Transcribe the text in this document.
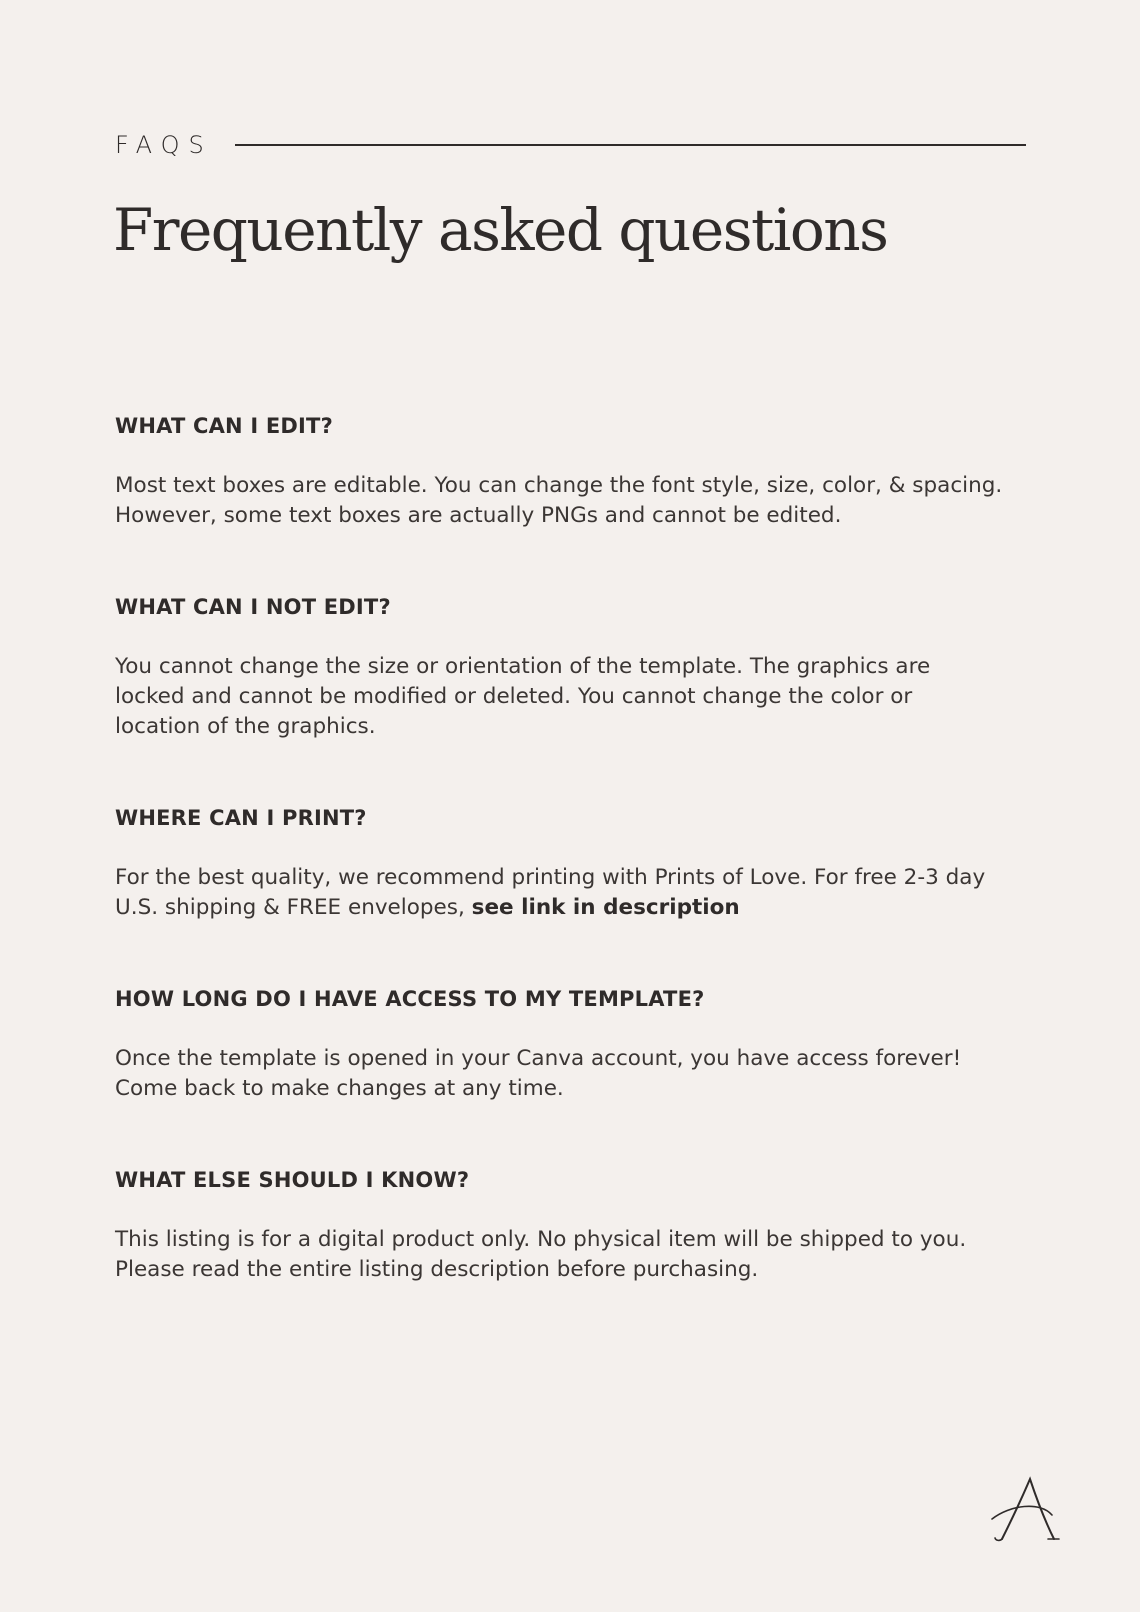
FAQS
Frequently asked questions
WHAT CAN I EDIT?

Most text boxes are editable. You can change the font style, size, color, & spacing.
However, some text boxes are actually PNGs and cannot be edited.

WHAT CAN I NOT EDIT?

You cannot change the size or orientation of the template. The graphics are
locked and cannot be modified or deleted. You cannot change the color or
location of the graphics.

WHERE CAN I PRINT?

For the best quality, we recommend printing with Prints of Love. For free 2-3 day
U.S. shipping & FREE envelopes, see link in description

HOW LONG DO I HAVE ACCESS TO MY TEMPLATE?

Once the template is opened in your Canva account, you have access forever!
Come back to make changes at any time.

WHAT ELSE SHOULD I KNOW?

This listing is for a digital product only. No physical item will be shipped to you.
Please read the entire listing description before purchasing.
